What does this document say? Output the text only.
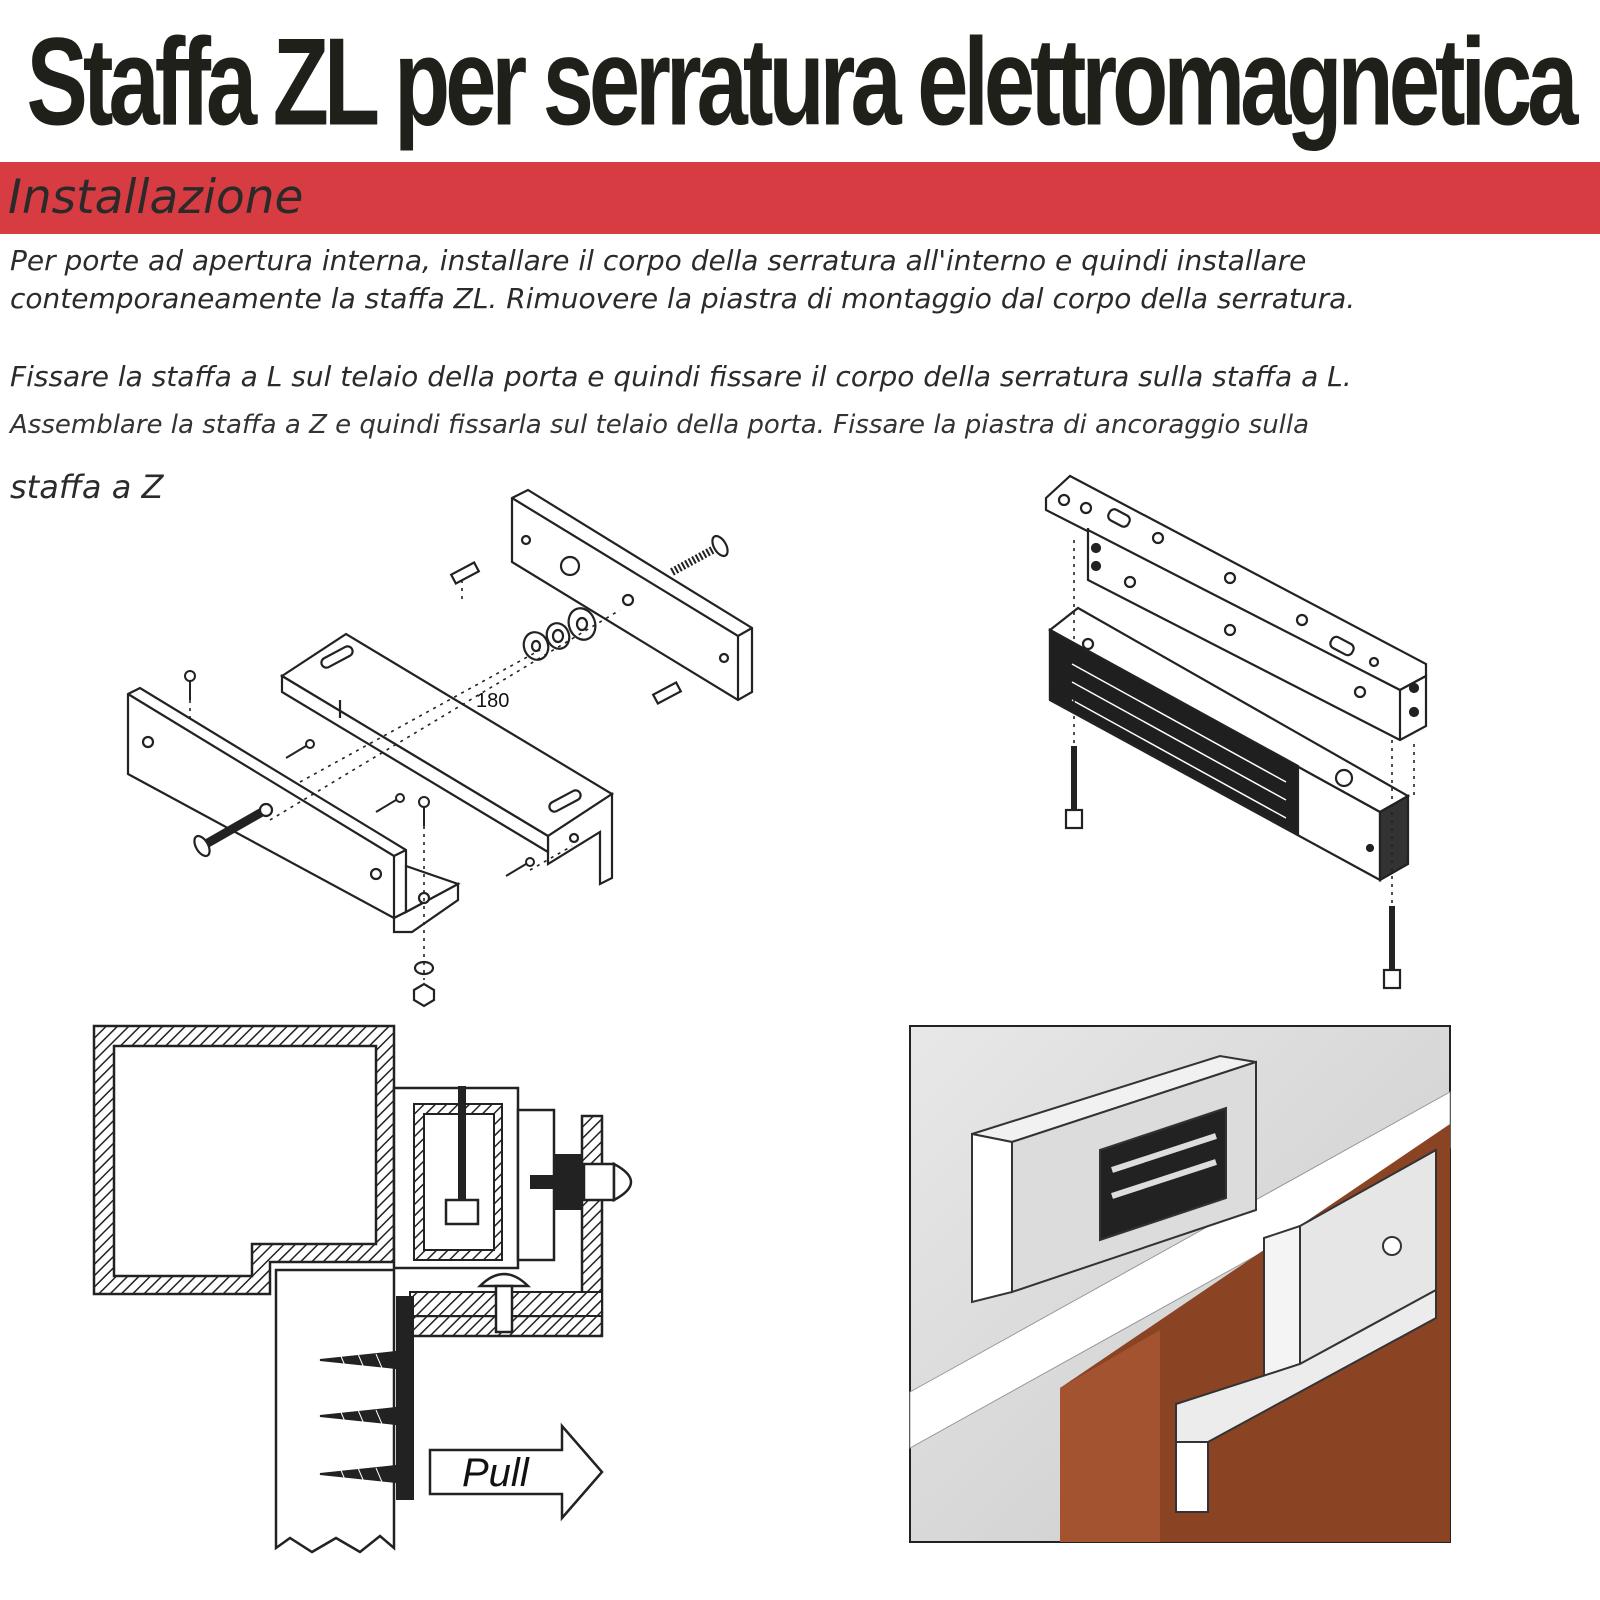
Staffa ZL per serratura elettromagnetica
Installazione

Per porte ad apertura interna, installare il corpo della serratura all'interno e quindi installare contemporaneamente la staffa ZL. Rimuovere la piastra di montaggio dal corpo della serratura.

Fissare la staffa a L sul telaio della porta e quindi fissare il corpo della serratura sulla staffa a L.

Assemblare la staffa a Z e quindi fissarla sul telaio della porta. Fissare la piastra di ancoraggio sulla

staffa a Z

180
Pull
